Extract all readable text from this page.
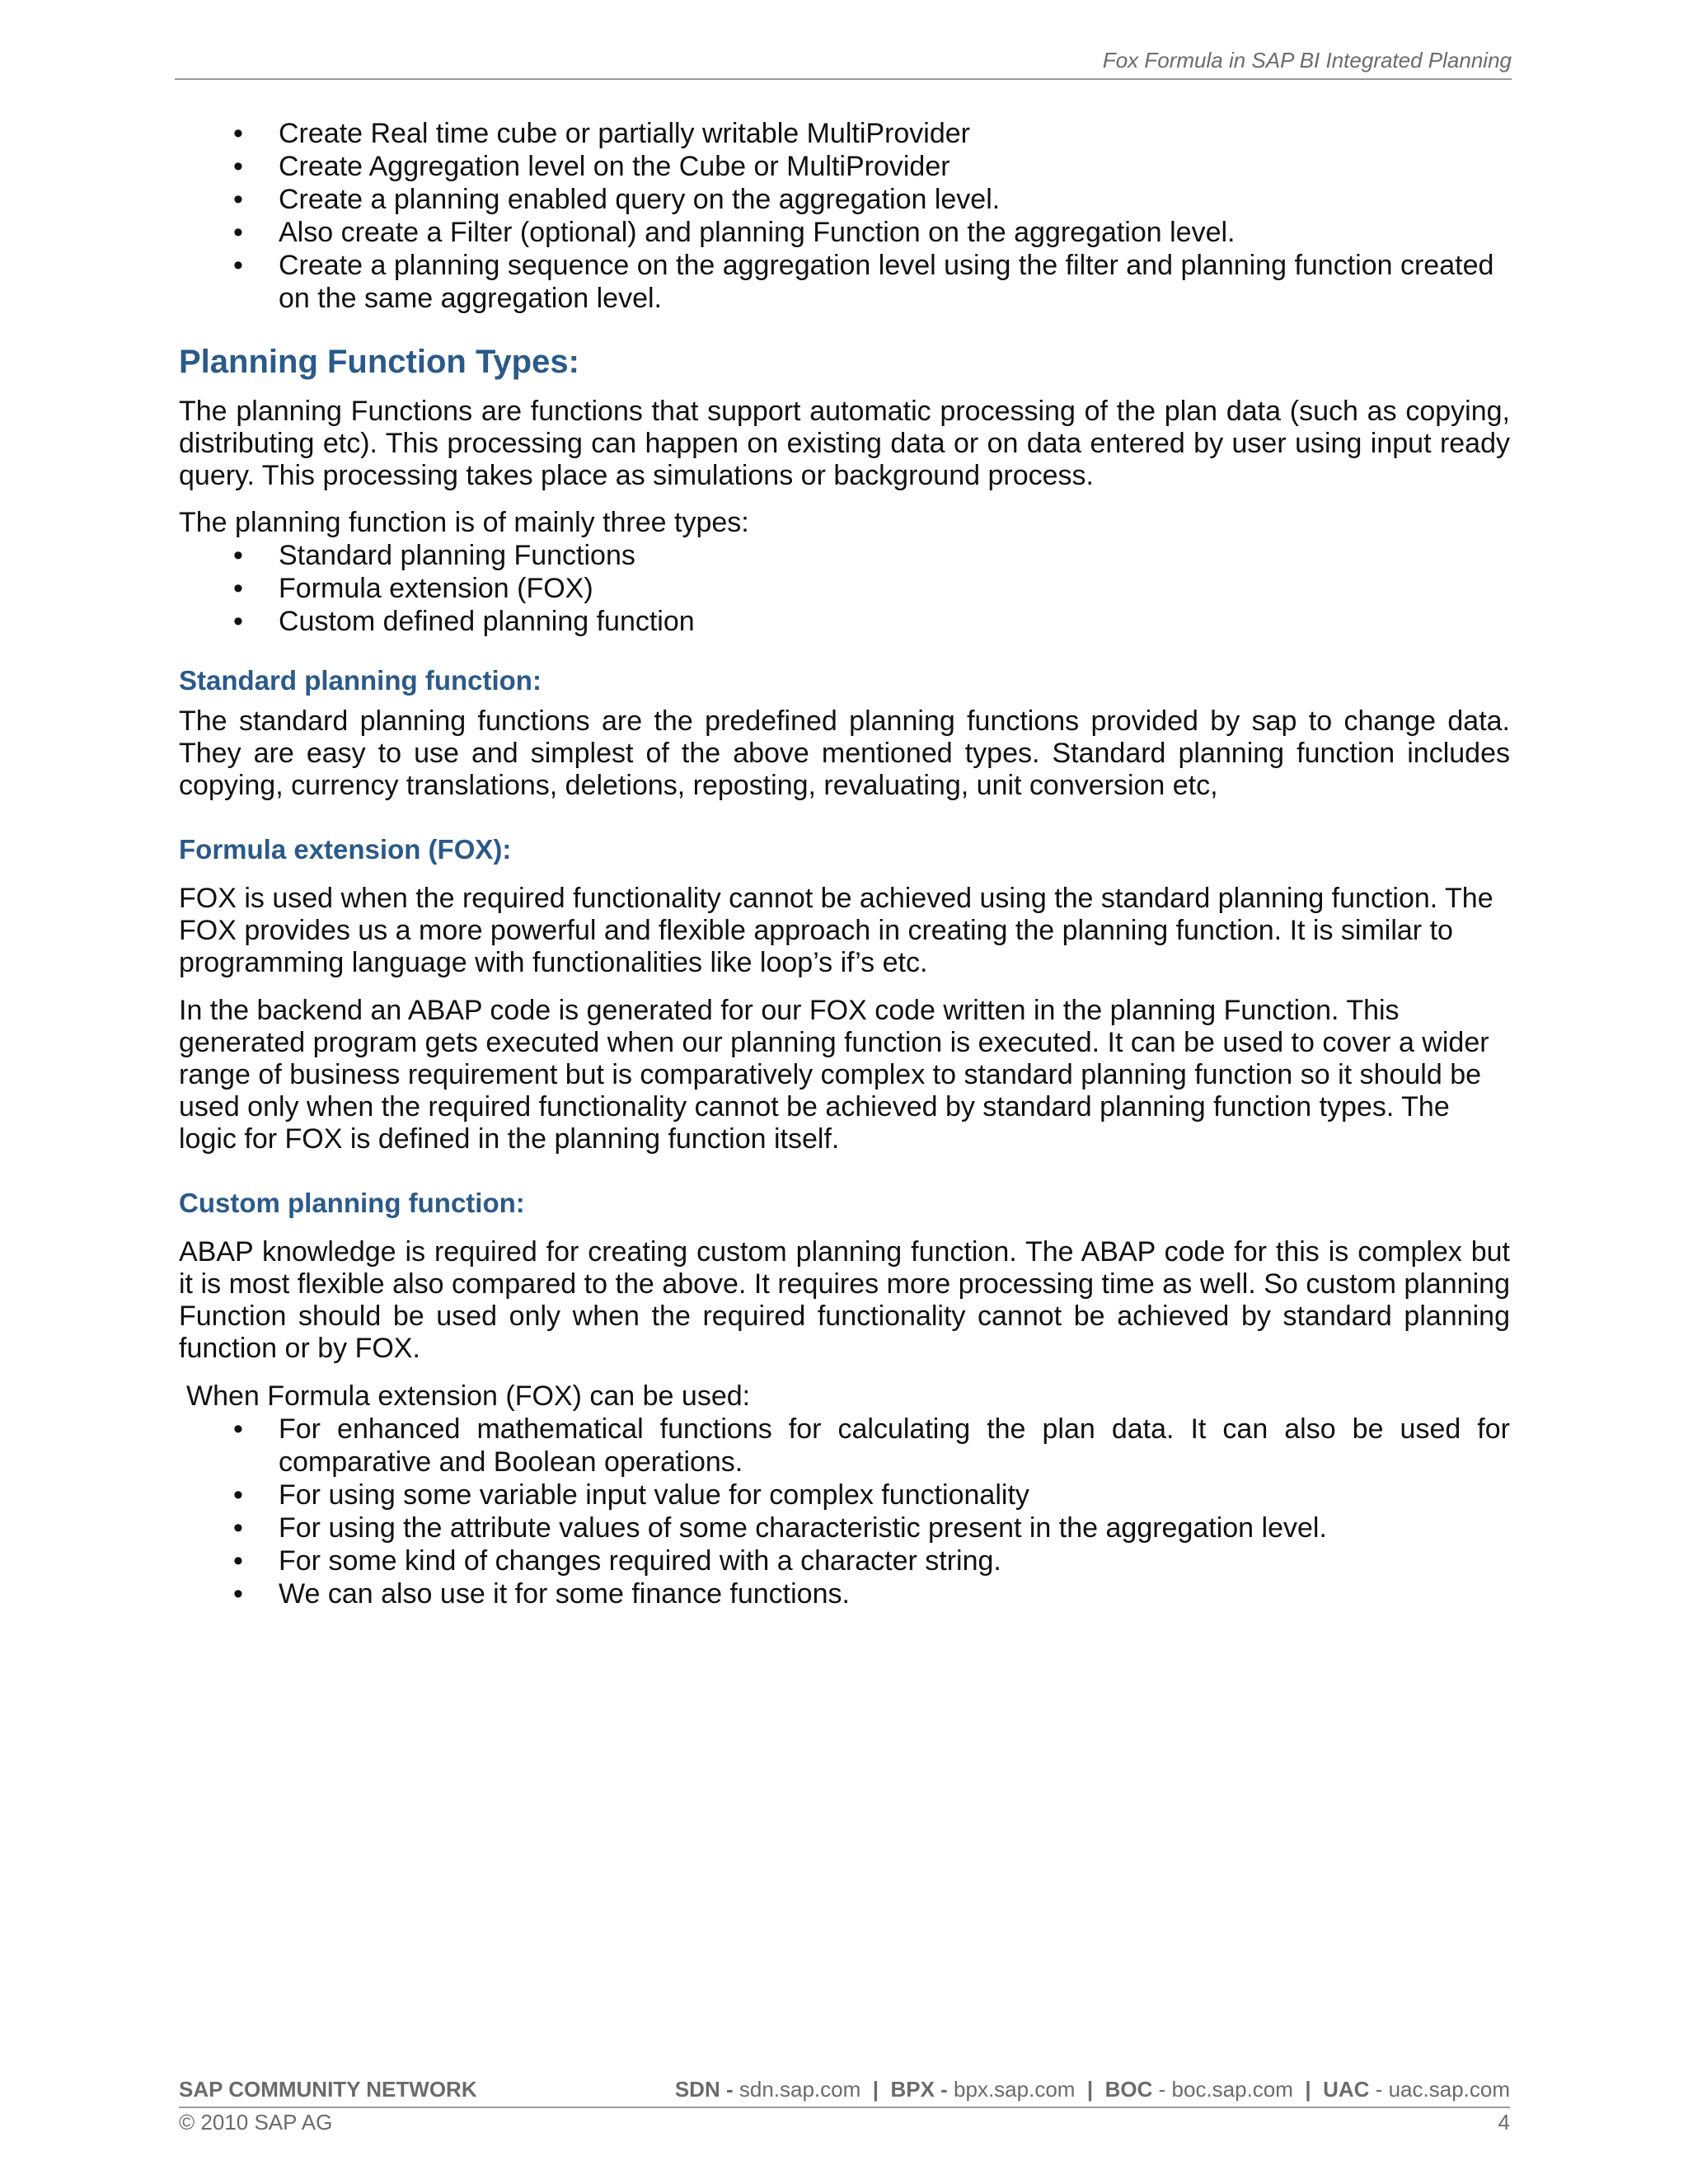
Fox Formula in SAP BI Integrated Planning
• Create Real time cube or partially writable MultiProvider
• Create Aggregation level on the Cube or MultiProvider
• Create a planning enabled query on the aggregation level.
• Also create a Filter (optional) and planning Function on the aggregation level.
• Create a planning sequence on the aggregation level using the filter and planning function created on the same aggregation level.
Planning Function Types:

The planning Functions are functions that support automatic processing of the plan data (such as copying, distributing etc). This processing can happen on existing data or on data entered by user using input ready query. This processing takes place as simulations or background process.

The planning function is of mainly three types:

• Standard planning Functions
• Formula extension (FOX)
• Custom defined planning function
Standard planning function:

The standard planning functions are the predefined planning functions provided by sap to change data. They are easy to use and simplest of the above mentioned types. Standard planning function includes copying, currency translations, deletions, reposting, revaluating, unit conversion etc,

Formula extension (FOX):

FOX is used when the required functionality cannot be achieved using the standard planning function. The FOX provides us a more powerful and flexible approach in creating the planning function. It is similar to programming language with functionalities like loop’s if’s etc.

In the backend an ABAP code is generated for our FOX code written in the planning Function. This generated program gets executed when our planning function is executed. It can be used to cover a wider range of business requirement but is comparatively complex to standard planning function so it should be used only when the required functionality cannot be achieved by standard planning function types. The logic for FOX is defined in the planning function itself.

Custom planning function:

ABAP knowledge is required for creating custom planning function. The ABAP code for this is complex but it is most flexible also compared to the above. It requires more processing time as well. So custom planning Function should be used only when the required functionality cannot be achieved by standard planning function or by FOX.

When Formula extension (FOX) can be used:

• For enhanced mathematical functions for calculating the plan data. It can also be used for comparative and Boolean operations.
• For using some variable input value for complex functionality
• For using the attribute values of some characteristic present in the aggregation level.
• For some kind of changes required with a character string.
• We can also use it for some finance functions.
SAP COMMUNITY NETWORK	SDN - sdn.sap.com | BPX - bpx.sap.com | BOC - boc.sap.com | UAC - uac.sap.com
© 2010 SAP AG	4
